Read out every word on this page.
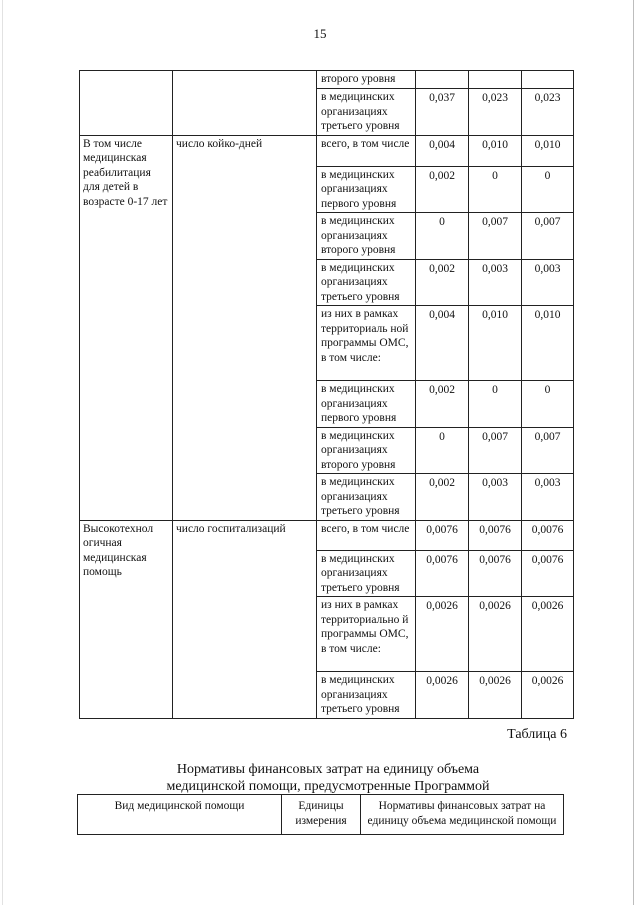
15
		второго уровня			
		в медицинских организациях третьего уровня	0,037	0,023	0,023
В том числе медицинская реабилитация для детей в возрасте 0-17 лет	число койко-дней	всего, в том числе	0,004	0,010	0,010
		в медицинских организациях первого уровня	0,002	0	0
		в медицинских организациях второго уровня	0	0,007	0,007
		в медицинских организациях третьего уровня	0,002	0,003	0,003
		из них в рамках территориаль ной программы ОМС, в том числе:	0,004	0,010	0,010
		в медицинских организациях первого уровня	0,002	0	0
		в медицинских организациях второго уровня	0	0,007	0,007
		в медицинских организациях третьего уровня	0,002	0,003	0,003
Высокотехнол огичная медицинская помощь	число госпитализаций	всего, в том числе	0,0076	0,0076	0,0076
		в медицинских организациях третьего уровня	0,0076	0,0076	0,0076
		из них в рамках территориально й программы ОМС, в том числе:	0,0026	0,0026	0,0026
		в медицинских организациях третьего уровня	0,0026	0,0026	0,0026
Таблица 6
Нормативы финансовых затрат на единицу объема
медицинской помощи, предусмотренные Программой
Вид медицинской помощи	Единицы измерения	Нормативы финансовых затрат на единицу объема медицинской помощи
